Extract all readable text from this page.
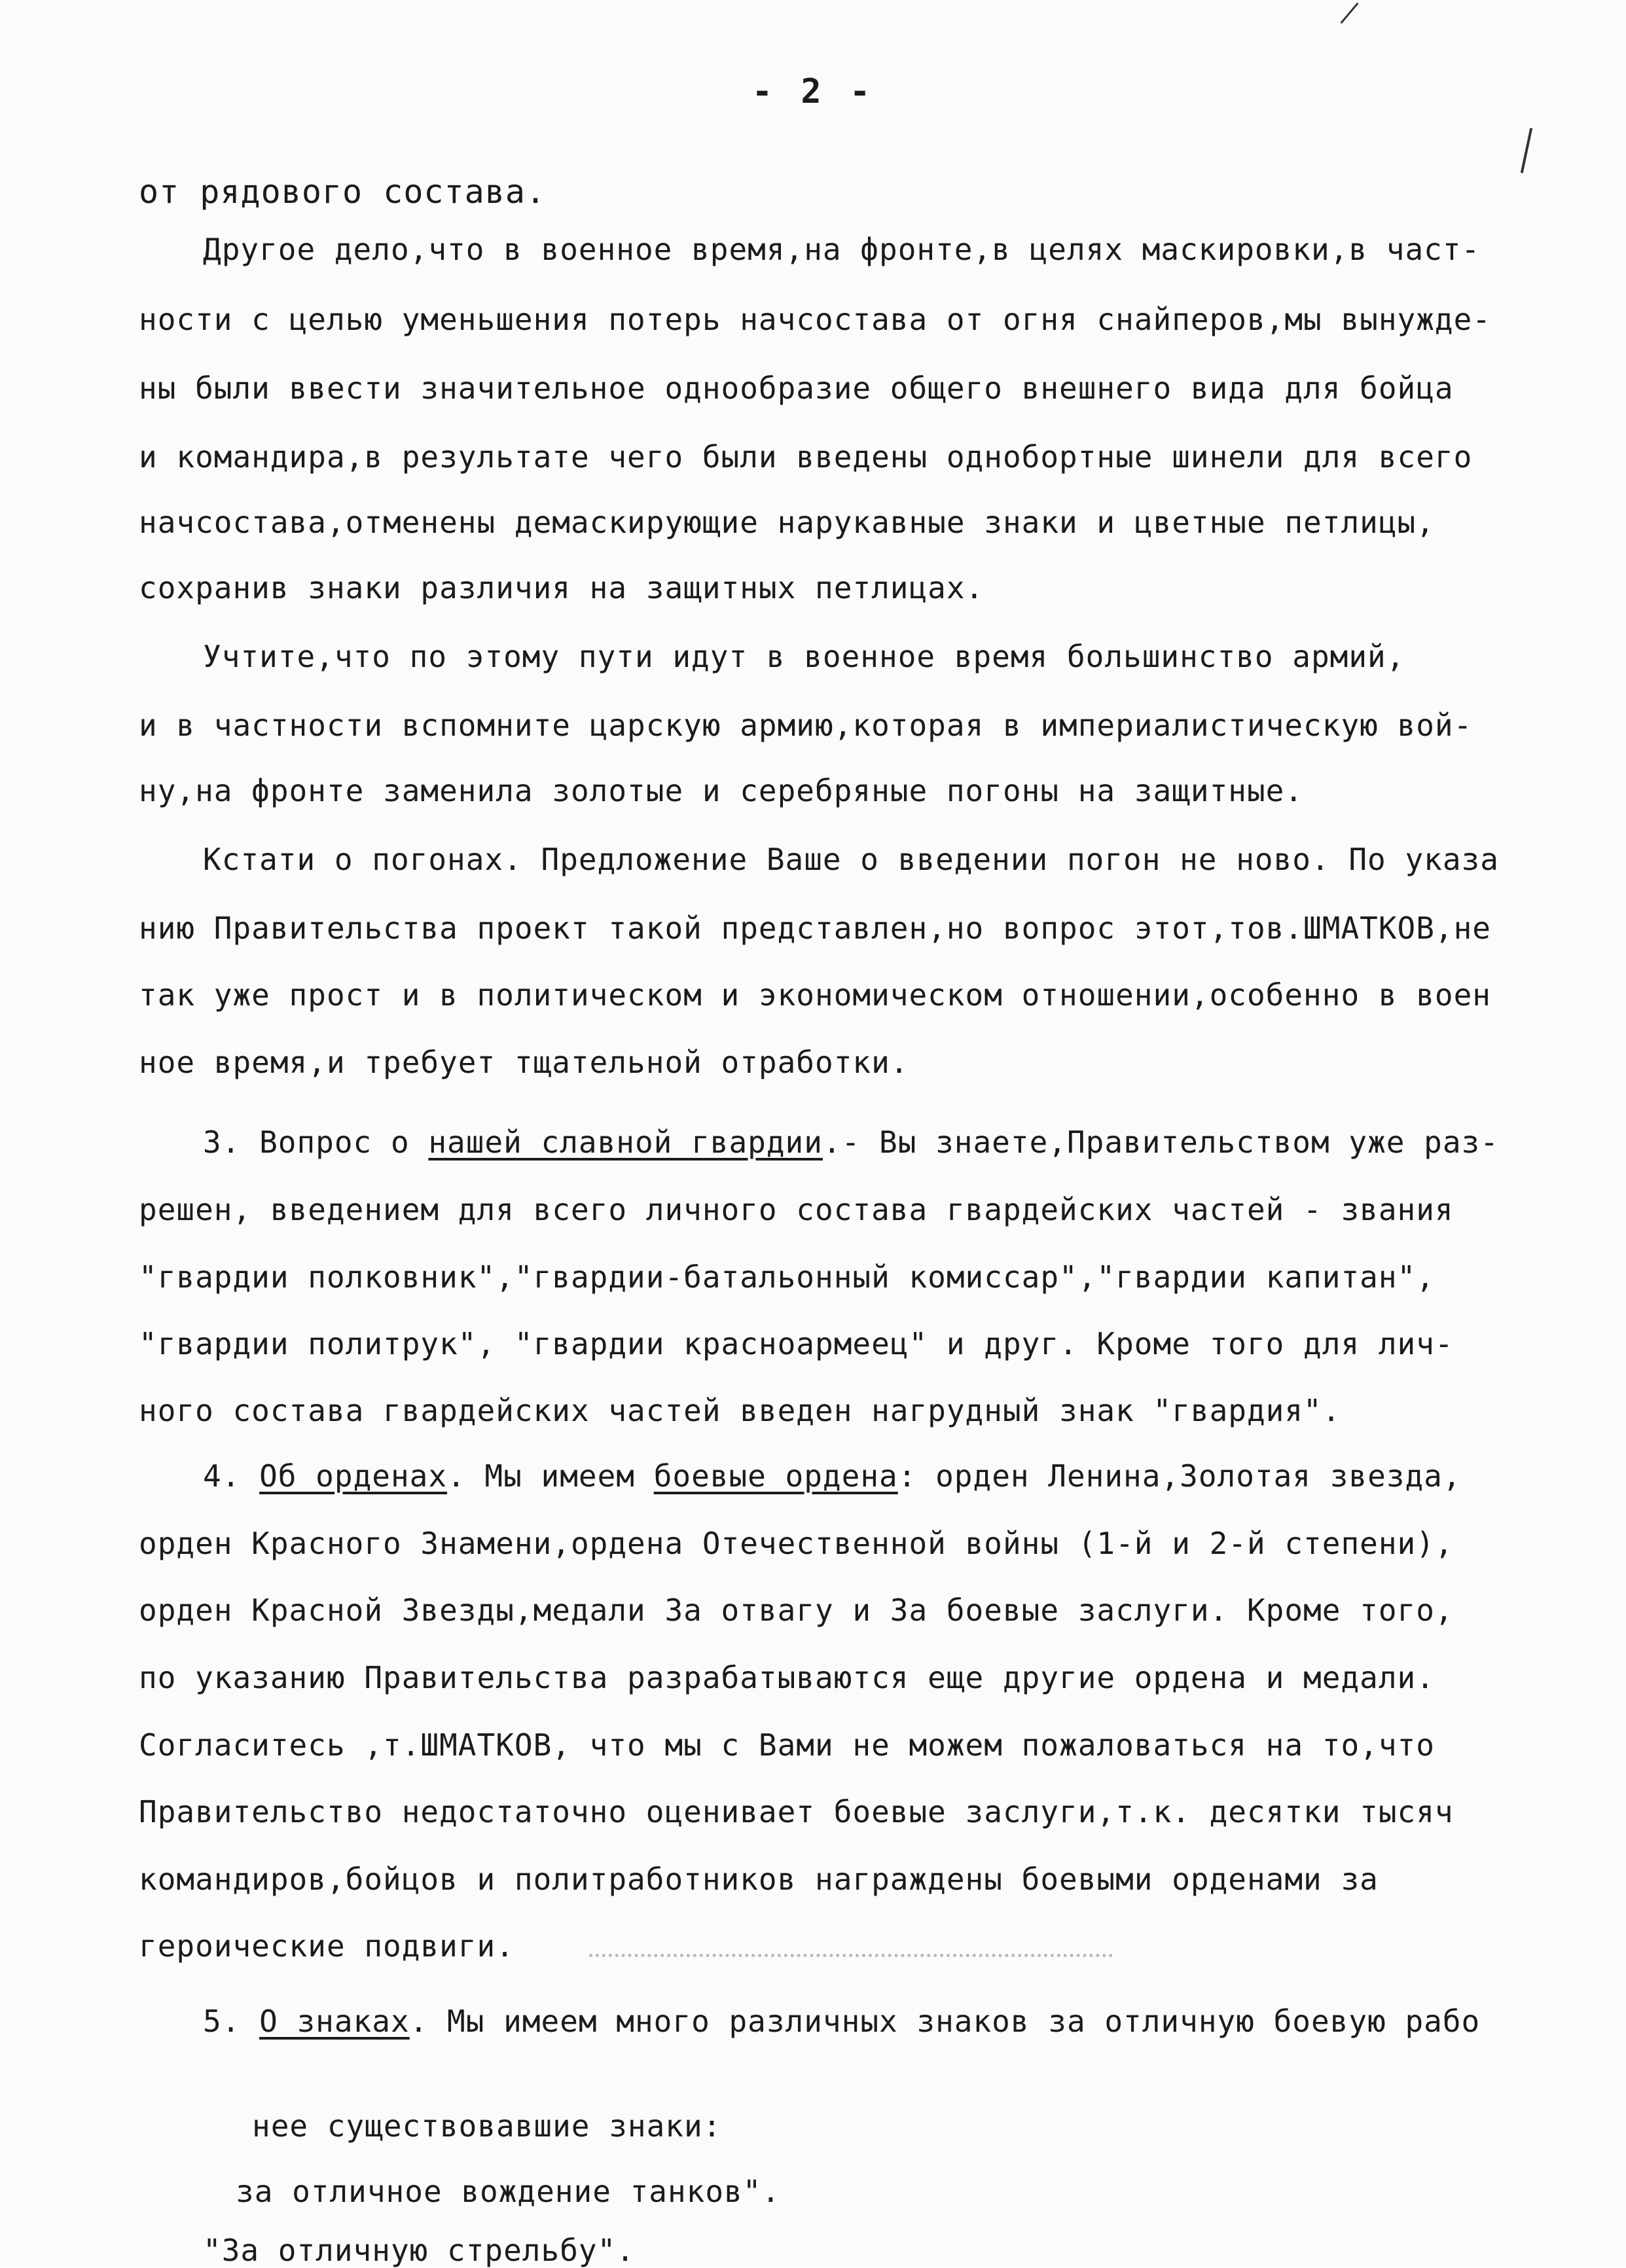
- 2 -
от рядового состава.
Другое дело,что в военное время,на фронте,в целях маскировки,в част-
ности с целью уменьшения потерь начсостава от огня снайперов,мы вынужде-
ны были ввести значительное однообразие общего внешнего вида для бойца
и командира,в результате чего были введены однобортные шинели для всего
начсостава,отменены демаскирующие нарукавные знаки и цветные петлицы,
сохранив знаки различия на защитных петлицах.
Учтите,что по этому пути идут в военное время большинство армий,
и в частности вспомните царскую армию,которая в империалистическую вой-
ну,на фронте заменила золотые и серебряные погоны на защитные.
Кстати о погонах. Предложение Ваше о введении погон не ново. По указа
нию Правительства проект такой представлен,но вопрос этот,тов.ШМАТКОВ,не
так уже прост и в политическом и экономическом отношении,особенно в воен
ное время,и требует тщательной отработки.
3. Вопрос о нашей славной гвардии.- Вы знаете,Правительством уже раз-
решен, введением для всего личного состава гвардейских частей - звания
"гвардии полковник","гвардии-батальонный комиссар","гвардии капитан",
"гвардии политрук", "гвардии красноармеец" и друг. Кроме того для лич-
ного состава гвардейских частей введен нагрудный знак "гвардия".
4. Об орденах. Мы имеем боевые ордена: орден Ленина,Золотая звезда,
орден Красного Знамени,ордена Отечественной войны (1-й и 2-й степени),
орден Красной Звезды,медали За отвагу и За боевые заслуги. Кроме того,
по указанию Правительства разрабатываются еще другие ордена и медали.
Согласитесь ,т.ШМАТКОВ, что мы с Вами не можем пожаловаться на то,что
Правительство недостаточно оценивает боевые заслуги,т.к. десятки тысяч
командиров,бойцов и политработников награждены боевыми орденами за
героические подвиги.
5. О знаках. Мы имеем много различных знаков за отличную боевую рабо
нее существовавшие знаки:
за отличное вождение танков".
"За отличную стрельбу".
